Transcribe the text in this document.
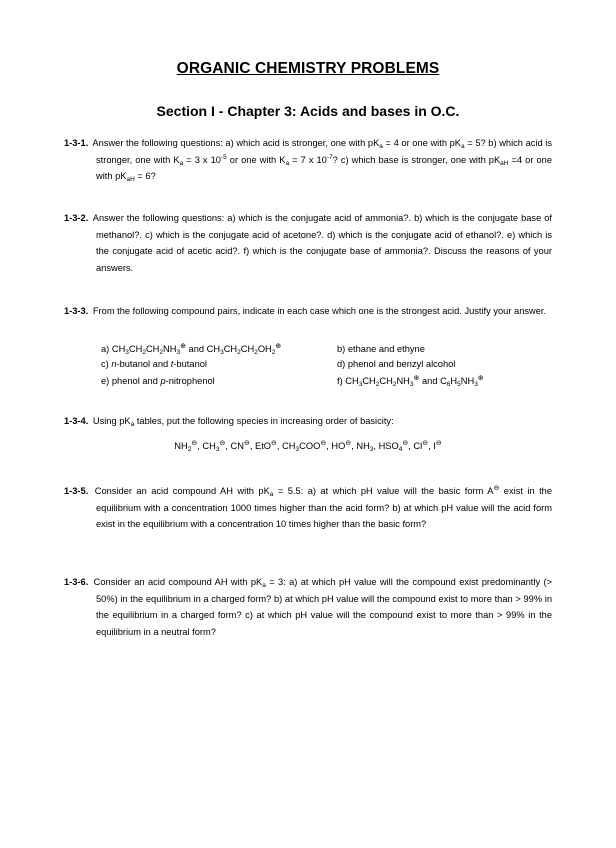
ORGANIC CHEMISTRY PROBLEMS
Section I - Chapter 3: Acids and bases in O.C.
1-3-1. Answer the following questions: a) which acid is stronger, one with $pK_a = 4$ or one with $pK_a = 5$? b) which acid is stronger, one with $K_a = 3$ x $10^{-5}$ or one with $K_a = 7$ x $10^{-7}$? c) which base is stronger, one with $pK_{aH} =4$ or one with $pK_{aH} = 6$?
1-3-2. Answer the following questions: a) which is the conjugate acid of ammonia?. b) which is the conjugate base of methanol?. c) which is the conjugate acid of acetone?. d) which is the conjugate acid of ethanol?. e) which is the conjugate acid of acetic acid?. f) which is the conjugate base of ammonia?. Discuss the reasons of your answers.
1-3-3. From the following compound pairs, indicate in each case which one is the strongest acid. Justify your answer.
a) $CH_3CH_2CH_2NH_3^\oplus$ and $CH_3CH_2CH_2OH_2^\oplus$	b) ethane and ethyne
c) n-butanol and t-butanol	d) phenol and benzyl alcohol
e) phenol and p-nitrophenol	f) $CH_3CH_2CH_2NH_3^\oplus$ and $C_6H_5NH_3^\oplus$
1-3-4. Using $pK_a$ tables, put the following species in increasing order of basicity:
$NH_2^⊖$, $CH_3^⊖$, CN⊖, EtO⊖, $CH_3COO^⊖$, HO⊖, $NH_3$, $HSO_4^⊖$, Cl⊖, I⊖
1-3-5. Consider an acid compound AH with $pK_a = 5.5$: a) at which pH value will the basic form A⊖ exist in the equilibrium with a concentration 1000 times higher than the acid form? b) at which pH value will the acid form exist in the equilibrium with a concentration 10 times higher than the basic form?
1-3-6. Consider an acid compound AH with $pK_a = 3$: a) at which pH value will the compound exist predominantly (> 50%) in the equilibrium in a charged form? b) at which pH value will the compound exist to more than > 99% in the equilibrium in a charged form? c) at which pH value will the compound exist to more than > 99% in the equilibrium in a neutral form?
